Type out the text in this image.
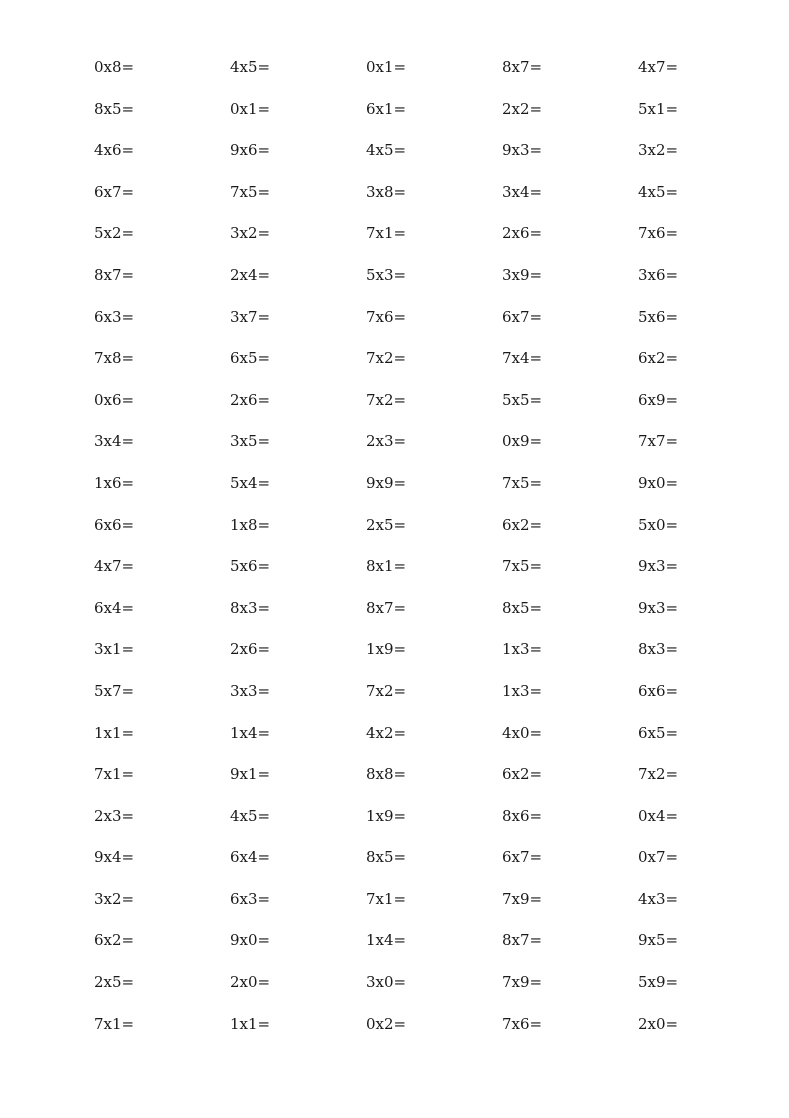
0x8=	4x5=	0x1=	8x7=	4x7=
8x5=	0x1=	6x1=	2x2=	5x1=
4x6=	9x6=	4x5=	9x3=	3x2=
6x7=	7x5=	3x8=	3x4=	4x5=
5x2=	3x2=	7x1=	2x6=	7x6=
8x7=	2x4=	5x3=	3x9=	3x6=
6x3=	3x7=	7x6=	6x7=	5x6=
7x8=	6x5=	7x2=	7x4=	6x2=
0x6=	2x6=	7x2=	5x5=	6x9=
3x4=	3x5=	2x3=	0x9=	7x7=
1x6=	5x4=	9x9=	7x5=	9x0=
6x6=	1x8=	2x5=	6x2=	5x0=
4x7=	5x6=	8x1=	7x5=	9x3=
6x4=	8x3=	8x7=	8x5=	9x3=
3x1=	2x6=	1x9=	1x3=	8x3=
5x7=	3x3=	7x2=	1x3=	6x6=
1x1=	1x4=	4x2=	4x0=	6x5=
7x1=	9x1=	8x8=	6x2=	7x2=
2x3=	4x5=	1x9=	8x6=	0x4=
9x4=	6x4=	8x5=	6x7=	0x7=
3x2=	6x3=	7x1=	7x9=	4x3=
6x2=	9x0=	1x4=	8x7=	9x5=
2x5=	2x0=	3x0=	7x9=	5x9=
7x1=	1x1=	0x2=	7x6=	2x0=
